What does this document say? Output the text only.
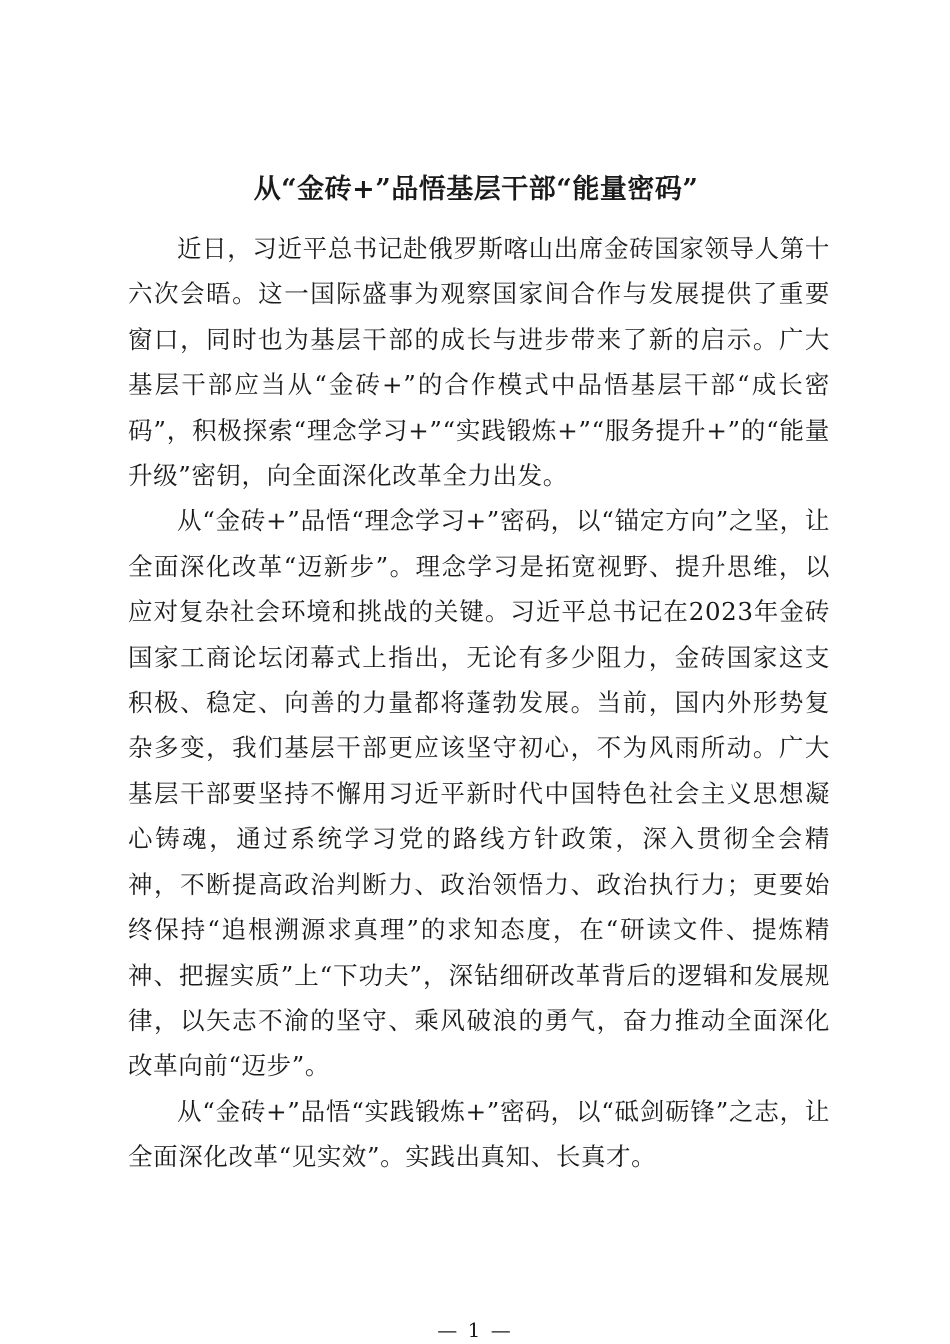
从“金砖+”品悟基层干部“能量密码”

近日，习近平总书记赴俄罗斯喀山出席金砖国家领导人第十六次会晤。这一国际盛事为观察国家间合作与发展提供了重要窗口，同时也为基层干部的成长与进步带来了新的启示。广大基层干部应当从“金砖+”的合作模式中品悟基层干部“成长密码”，积极探索“理念学习+”“实践锻炼+”“服务提升+”的“能量升级”密钥，向全面深化改革全力出发。

从“金砖+”品悟“理念学习+”密码，以“锚定方向”之坚，让全面深化改革“迈新步”。理念学习是拓宽视野、提升思维，以应对复杂社会环境和挑战的关键。习近平总书记在2023年金砖国家工商论坛闭幕式上指出，无论有多少阻力，金砖国家这支积极、稳定、向善的力量都将蓬勃发展。当前，国内外形势复杂多变，我们基层干部更应该坚守初心，不为风雨所动。广大基层干部要坚持不懈用习近平新时代中国特色社会主义思想凝心铸魂，通过系统学习党的路线方针政策，深入贯彻全会精神，不断提高政治判断力、政治领悟力、政治执行力；更要始终保持“追根溯源求真理”的求知态度，在“研读文件、提炼精神、把握实质”上“下功夫”，深钻细研改革背后的逻辑和发展规律，以矢志不渝的坚守、乘风破浪的勇气，奋力推动全面深化改革向前“迈步”。

从“金砖+”品悟“实践锻炼+”密码，以“砥剑砺锋”之志，让全面深化改革“见实效”。实践出真知、长真才。

— 1 —
